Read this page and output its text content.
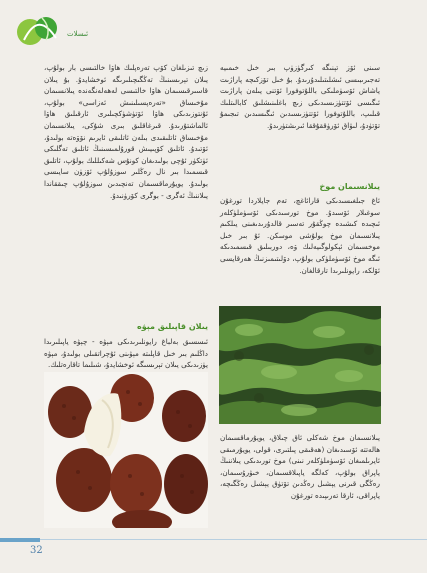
ئىسلات

زىچ تىزىلغان كۆپ تەرەپلىك ھاۋا خالتىسى بار بولۇپ، يىلان تېرىسىنىڭ تەڭگىچىلىرىگە ئوخشايدۇ. بۇ يىلان قاسىرقىسىمان ھاۋا خالتىسى لەھەلەنگەندە يىلانسىمان مۇخىساق «تەرەپسىلىنىش ئەزاسى» بولۇپ، ئۇنتوزىدىكى ھاۋا ئۆتۈشۈكچىلىرى ئارقىلىق ھاۋا ئالماشتۇرىدۇ. قىرغاقلىق بىرى شۇكى، يىلانسىمان مۇخىساق ئاتلىقىدى بىلەن ئاتلىقى ئايرىم نۆۋەتە بولىدۇ، ئۆتىدۇ. ئاتلىق كۆپىيىش قورۇلمىسىنىڭ ئاتلىق تەگلىكى ئۈتكۈر ئۇچى بولىدىغان كونۇس شەكىللىك بولۇپ، ئاتلىق قىسمىدا بىر نال رەڭلىر سوزۇلۇپ ئۆزۈن سايىسى بولىدۇ. يويۇرماقسىمان تەنچىدىن سوزۇلۇپ چىققاندا يىلاننىڭ ئەگرى - بوگرى كۆرۈنىدۇ.

يىلان قاپىلىق مېۋە

ئىسسىق بەلباغ رايونلىرىدىكى مېۋە - چېۋە ياپىلىرىدا داڭلىم بىر خىل قاپلىتە مېۋىنى ئۇچراتقىلى بولىدۇ، مېۋە يۈزىدىكى يىلان تېرىسىگە ئوخشايدۇ، شىلىما تاقارەتلىك.

سىنى ئۆز تېنىگە كىرگۈزۈپ بىر خىل خىمىيە تەجىرىبىسى ئىشلىتىلىدۇرىدۇ. بۇ خىل تۆزكىچە پاراژىت ياشاش ئۆسۈملىكى باللۇتوفورا ئۆتنى يىلەن پاراژىت ئىگىسى ئۆتتۈزىسىدىكى زىچ باغلىنىشلىق كابالىتلىك قىلىپ، باللۇتوفورا ئۆتتۈزىسىدىن ئىگىسىدىن تىجىمۇ تۆتۈدۇ، لىۋاق ئۆرۈققۇققا ئىرىشتۈرىدۇ.

يىلانسىمان موخ

ئاغ جىلغىسىدىكى قارائاغچ، تەم جايلاردا تورغۇن سوغىلار ئۆسىدۇ. موخ تورسىدىكى ئۆسۈملۈكلەر ئىچىدە كىشىدە چوڭقۇر تەسىر قالدۇرىدىغىنى يىلكىم يىلانسىمان موخ بولۇشى موسكن. ئۇ بىر خىل موخسىمان ئېكولوگىيەلىك ۋە، دوربىلىق قىسمىدىكە ئىگە موخ ئۆسۈملۈكى بولۇپ، دۆلىتىمىزنىڭ ھەرقايسى ئۆلكە، رايونلىرىدا تارقالغان.

يىلانسىمان موخ شەكلى ئاق چىلاق، يويۇرماقسىمان ھالەتتە ئۆسىدىغان (ھەقىقى پىلتىرى، قولى، يويۇرمىقى ئايرىلمىغان ئۆسۈملۈكلەر نىنى) موخ تورىدىكى يىلاننىڭ ياپراق بولۇپ، كەلگە ياپىلاقسىمان، خىۋرۇسىمان، رەڭگى قىرنى يېشىل رەڭدىن تۆتۈق يېشىل رەڭگىچە، ياپراقى، ئارقا تەرىپىدە تورغۇن

32
